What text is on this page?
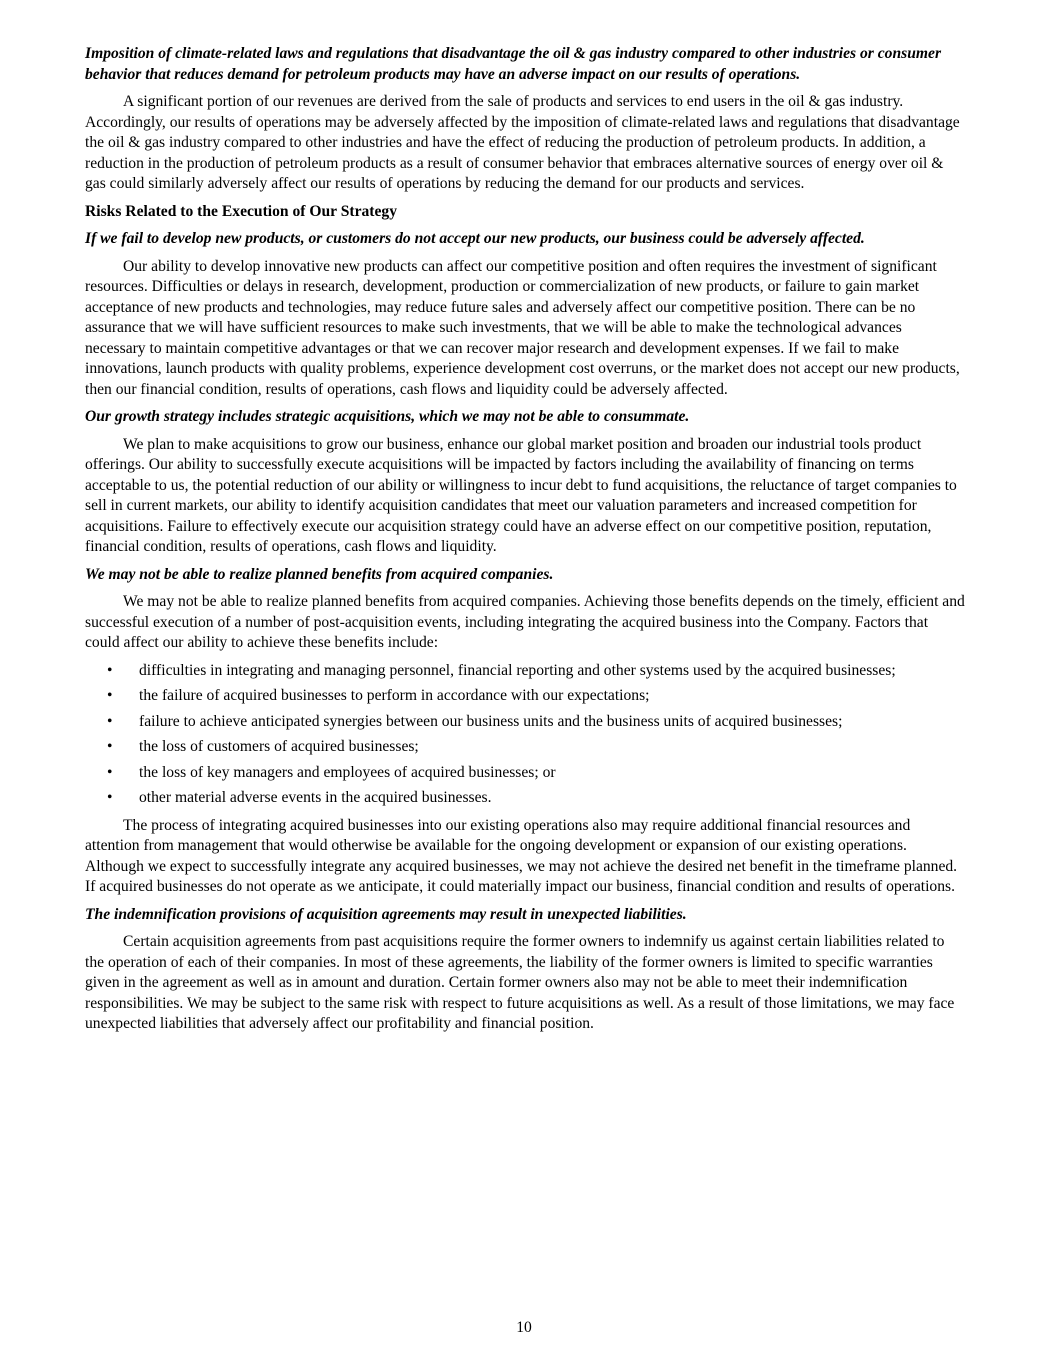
Imposition of climate-related laws and regulations that disadvantage the oil & gas industry compared to other industries or consumer behavior that reduces demand for petroleum products may have an adverse impact on our results of operations.

A significant portion of our revenues are derived from the sale of products and services to end users in the oil & gas industry. Accordingly, our results of operations may be adversely affected by the imposition of climate-related laws and regulations that disadvantage the oil & gas industry compared to other industries and have the effect of reducing the production of petroleum products. In addition, a reduction in the production of petroleum products as a result of consumer behavior that embraces alternative sources of energy over oil & gas could similarly adversely affect our results of operations by reducing the demand for our products and services.

Risks Related to the Execution of Our Strategy

If we fail to develop new products, or customers do not accept our new products, our business could be adversely affected.

Our ability to develop innovative new products can affect our competitive position and often requires the investment of significant resources. Difficulties or delays in research, development, production or commercialization of new products, or failure to gain market acceptance of new products and technologies, may reduce future sales and adversely affect our competitive position. There can be no assurance that we will have sufficient resources to make such investments, that we will be able to make the technological advances necessary to maintain competitive advantages or that we can recover major research and development expenses. If we fail to make innovations, launch products with quality problems, experience development cost overruns, or the market does not accept our new products, then our financial condition, results of operations, cash flows and liquidity could be adversely affected.

Our growth strategy includes strategic acquisitions, which we may not be able to consummate.

We plan to make acquisitions to grow our business, enhance our global market position and broaden our industrial tools product offerings. Our ability to successfully execute acquisitions will be impacted by factors including the availability of financing on terms acceptable to us, the potential reduction of our ability or willingness to incur debt to fund acquisitions, the reluctance of target companies to sell in current markets, our ability to identify acquisition candidates that meet our valuation parameters and increased competition for acquisitions. Failure to effectively execute our acquisition strategy could have an adverse effect on our competitive position, reputation, financial condition, results of operations, cash flows and liquidity.

We may not be able to realize planned benefits from acquired companies.

We may not be able to realize planned benefits from acquired companies. Achieving those benefits depends on the timely, efficient and successful execution of a number of post-acquisition events, including integrating the acquired business into the Company. Factors that could affect our ability to achieve these benefits include:

• difficulties in integrating and managing personnel, financial reporting and other systems used by the acquired businesses;
• the failure of acquired businesses to perform in accordance with our expectations;
• failure to achieve anticipated synergies between our business units and the business units of acquired businesses;
• the loss of customers of acquired businesses;
• the loss of key managers and employees of acquired businesses; or
• other material adverse events in the acquired businesses.

The process of integrating acquired businesses into our existing operations also may require additional financial resources and attention from management that would otherwise be available for the ongoing development or expansion of our existing operations. Although we expect to successfully integrate any acquired businesses, we may not achieve the desired net benefit in the timeframe planned. If acquired businesses do not operate as we anticipate, it could materially impact our business, financial condition and results of operations.

The indemnification provisions of acquisition agreements may result in unexpected liabilities.

Certain acquisition agreements from past acquisitions require the former owners to indemnify us against certain liabilities related to the operation of each of their companies. In most of these agreements, the liability of the former owners is limited to specific warranties given in the agreement as well as in amount and duration. Certain former owners also may not be able to meet their indemnification responsibilities. We may be subject to the same risk with respect to future acquisitions as well. As a result of those limitations, we may face unexpected liabilities that adversely affect our profitability and financial position.

10
